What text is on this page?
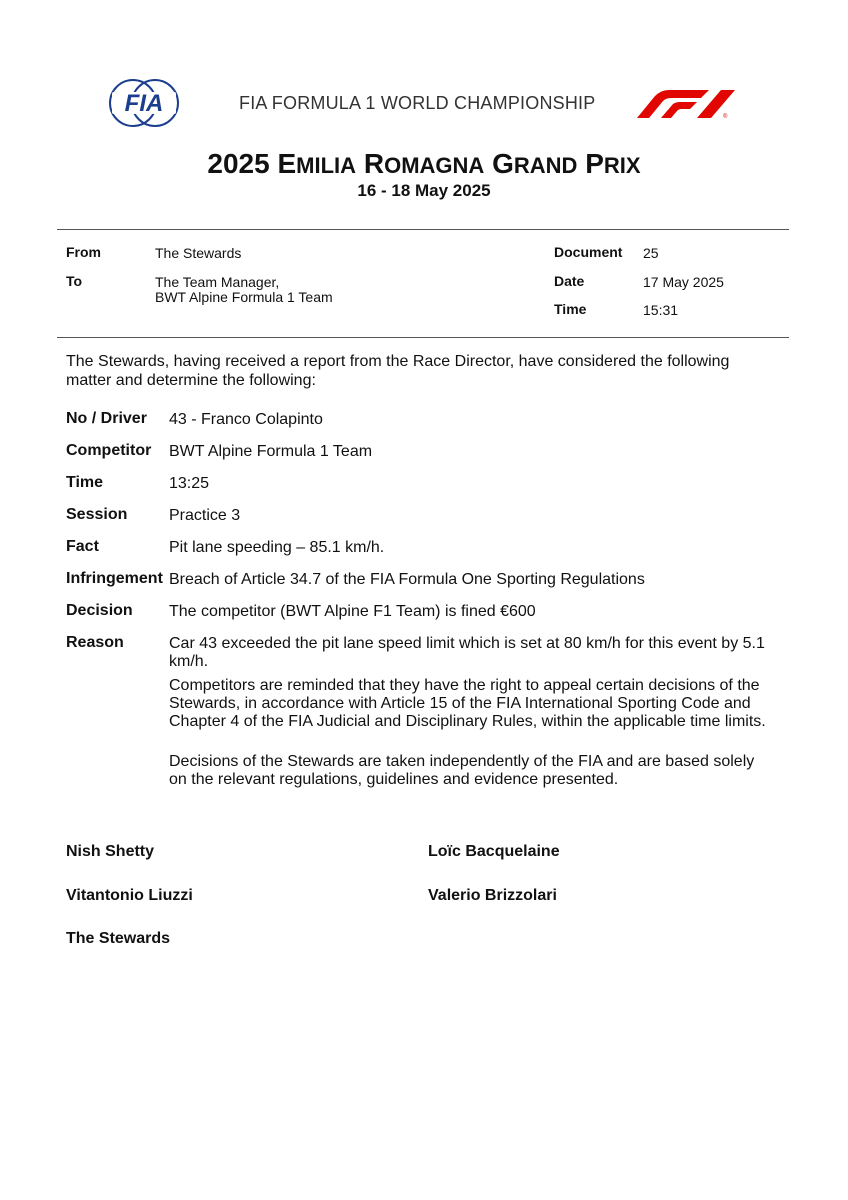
FIA	FIA FORMULA 1 WORLD CHAMPIONSHIP
®
2025 EMILIA ROMAGNA GRAND PRIX
16 - 18 May 2025
From	The Stewards
To	The Team Manager,
BWT Alpine Formula 1 Team
Document 25
Date	17 May 2025
Time	15:31
The Stewards, having received a report from the Race Director, have considered the following matter and determine the following:
No / Driver 43 - Franco Colapinto
Competitor BWT Alpine Formula 1 Team
Time	13:25
Session	Practice 3
Fact	Pit lane speeding – 85.1 km/h.
Infringement Breach of Article 34.7 of the FIA Formula One Sporting Regulations
Decision The competitor (BWT Alpine F1 Team) is fined €600
Reason	Car 43 exceeded the pit lane speed limit which is set at 80 km/h for this event by 5.1 km/h.
Competitors are reminded that they have the right to appeal certain decisions of the Stewards, in accordance with Article 15 of the FIA International Sporting Code and Chapter 4 of the FIA Judicial and Disciplinary Rules, within the applicable time limits.
Decisions of the Stewards are taken independently of the FIA and are based solely on the relevant regulations, guidelines and evidence presented.
Nish Shetty	Loïc Bacquelaine
Vitantonio Liuzzi	Valerio Brizzolari
The Stewards
